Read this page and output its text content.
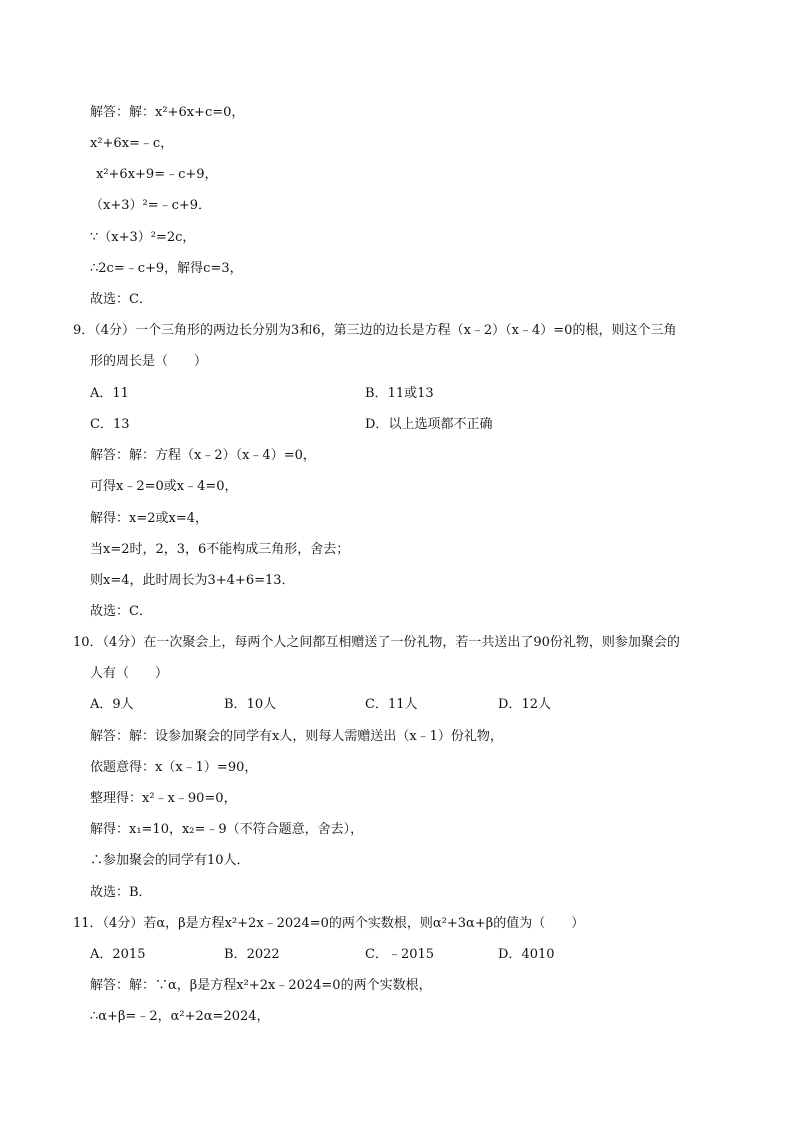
解答：解：x²+6x+c=0，
x²+6x=﹣c，
x²+6x+9=﹣c+9，
（x+3）²=﹣c+9．
∵（x+3）²=2c，
∴2c=﹣c+9，解得c=3，
故选：C．
9．（4分）一个三角形的两边长分别为3和6，第三边的边长是方程（x﹣2）（x﹣4）=0的根，则这个三角
形的周长是（　　）
A．11	B．11或13
C．13	D．以上选项都不正确
解答：解：方程（x﹣2）（x﹣4）=0，
可得x﹣2=0或x﹣4=0，
解得：x=2或x=4，
当x=2时，2，3，6不能构成三角形，舍去；
则x=4，此时周长为3+4+6=13．
故选：C．
10．（4分）在一次聚会上，每两个人之间都互相赠送了一份礼物，若一共送出了90份礼物，则参加聚会的
人有（　　）
A．9人	B．10人	C．11人	D．12人
解答：解：设参加聚会的同学有x人，则每人需赠送出（x﹣1）份礼物，
依题意得：x（x﹣1）=90，
整理得：x²﹣x﹣90=0，
解得：x₁=10，x₂=﹣9（不符合题意，舍去），
∴参加聚会的同学有10人．
故选：B．
11．（4分）若α，β是方程x²+2x﹣2024=0的两个实数根，则α²+3α+β的值为（　　）
A．2015	B．2022	C．﹣2015	D．4010
解答：解：∵α，β是方程x²+2x﹣2024=0的两个实数根，
∴α+β=﹣2，α²+2α=2024，
